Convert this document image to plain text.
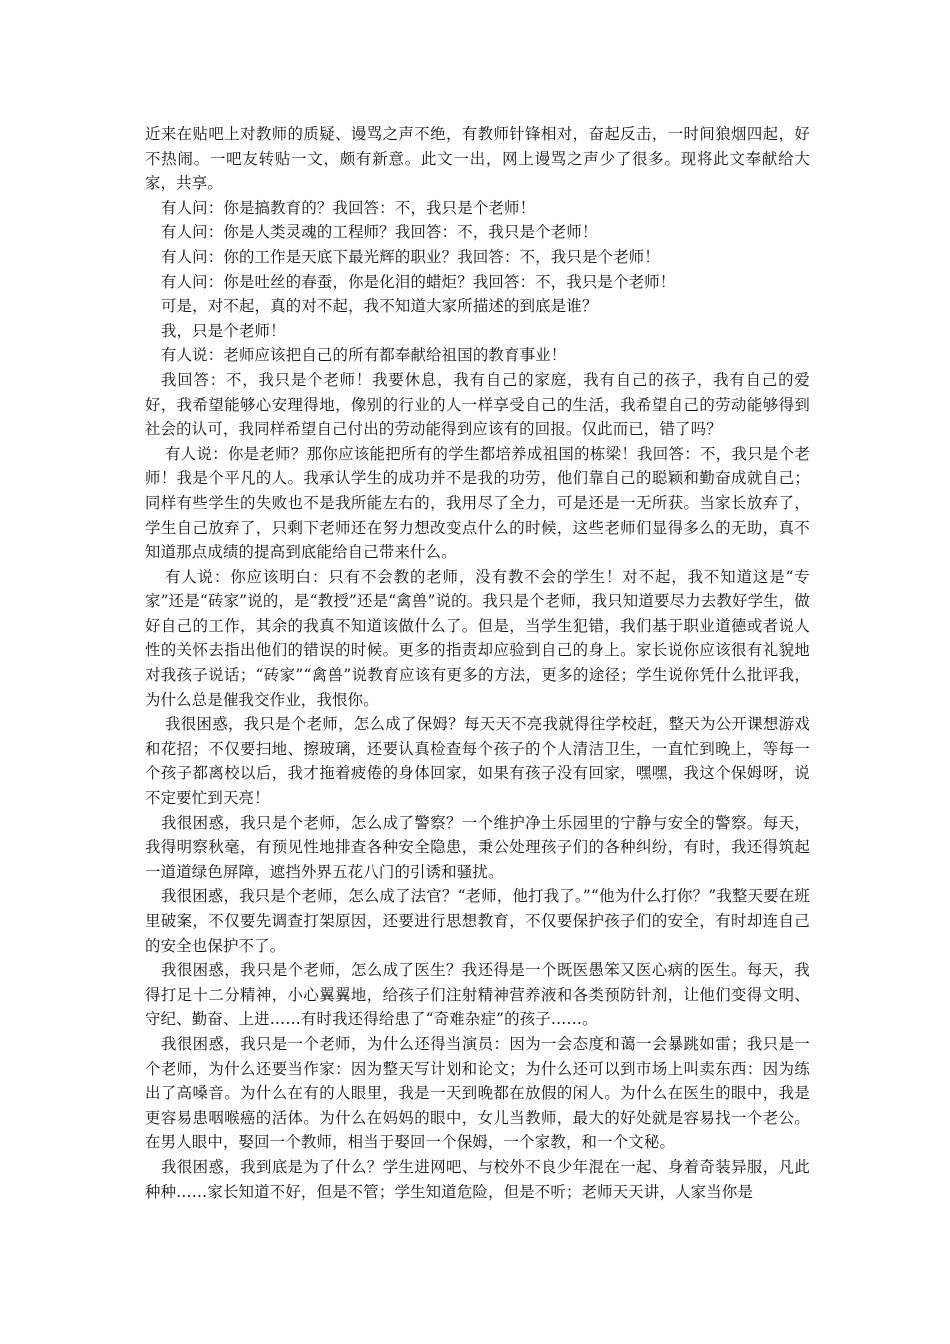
近来在贴吧上对教师的质疑、谩骂之声不绝，有教师针锋相对，奋起反击，一时间狼烟四起，好不热闹。一吧友转贴一文，颇有新意。此文一出，网上谩骂之声少了很多。现将此文奉献给大家，共享。

有人问：你是搞教育的？我回答：不，我只是个老师！

有人问：你是人类灵魂的工程师？我回答：不，我只是个老师！

有人问：你的工作是天底下最光辉的职业？我回答：不，我只是个老师！

有人问：你是吐丝的春蚕，你是化泪的蜡炬？我回答：不，我只是个老师！

可是，对不起，真的对不起，我不知道大家所描述的到底是谁？

我，只是个老师！

有人说：老师应该把自己的所有都奉献给祖国的教育事业！

我回答：不，我只是个老师！我要休息，我有自己的家庭，我有自己的孩子，我有自己的爱好，我希望能够心安理得地，像别的行业的人一样享受自己的生活，我希望自己的劳动能够得到社会的认可，我同样希望自己付出的劳动能得到应该有的回报。仅此而已，错了吗？

有人说：你是老师？那你应该能把所有的学生都培养成祖国的栋梁！我回答：不，我只是个老师！我是个平凡的人。我承认学生的成功并不是我的功劳，他们靠自己的聪颖和勤奋成就自己；同样有些学生的失败也不是我所能左右的，我用尽了全力，可是还是一无所获。当家长放弃了，学生自己放弃了，只剩下老师还在努力想改变点什么的时候，这些老师们显得多么的无助，真不知道那点成绩的提高到底能给自己带来什么。

有人说：你应该明白：只有不会教的老师，没有教不会的学生！对不起，我不知道这是“专家”还是“砖家”说的，是“教授”还是“禽兽”说的。我只是个老师，我只知道要尽力去教好学生，做好自己的工作，其余的我真不知道该做什么了。但是，当学生犯错，我们基于职业道德或者说人性的关怀去指出他们的错误的时候。更多的指责却应验到自己的身上。家长说你应该很有礼貌地对我孩子说话；“砖家”“禽兽”说教育应该有更多的方法，更多的途径；学生说你凭什么批评我，为什么总是催我交作业，我恨你。

我很困惑，我只是个老师，怎么成了保姆？每天天不亮我就得往学校赶，整天为公开课想游戏和花招；不仅要扫地、擦玻璃，还要认真检查每个孩子的个人清洁卫生，一直忙到晚上，等每一个孩子都离校以后，我才拖着疲倦的身体回家，如果有孩子没有回家，嘿嘿，我这个保姆呀，说不定要忙到天亮！

我很困惑，我只是个老师，怎么成了警察？一个维护净土乐园里的宁静与安全的警察。每天，我得明察秋毫，有预见性地排查各种安全隐患，秉公处理孩子们的各种纠纷，有时，我还得筑起一道道绿色屏障，遮挡外界五花八门的引诱和骚扰。

我很困惑，我只是个老师，怎么成了法官？“老师，他打我了。”“他为什么打你？”我整天要在班里破案，不仅要先调查打架原因，还要进行思想教育，不仅要保护孩子们的安全，有时却连自己的安全也保护不了。

我很困惑，我只是个老师，怎么成了医生？我还得是一个既医愚笨又医心病的医生。每天，我得打足十二分精神，小心翼翼地，给孩子们注射精神营养液和各类预防针剂，让他们变得文明、守纪、勤奋、上进……有时我还得给患了“奇难杂症”的孩子……。

我很困惑，我只是一个老师，为什么还得当演员：因为一会态度和蔼一会暴跳如雷；我只是一个老师，为什么还要当作家：因为整天写计划和论文；为什么还可以到市场上叫卖东西：因为练出了高嗓音。为什么在有的人眼里，我是一天到晚都在放假的闲人。为什么在医生的眼中，我是更容易患咽喉癌的活体。为什么在妈妈的眼中，女儿当教师，最大的好处就是容易找一个老公。在男人眼中，娶回一个教师，相当于娶回一个保姆，一个家教，和一个文秘。

我很困惑，我到底是为了什么？学生进网吧、与校外不良少年混在一起、身着奇装异服，凡此种种……家长知道不好，但是不管；学生知道危险，但是不听；老师天天讲，人家当你是
